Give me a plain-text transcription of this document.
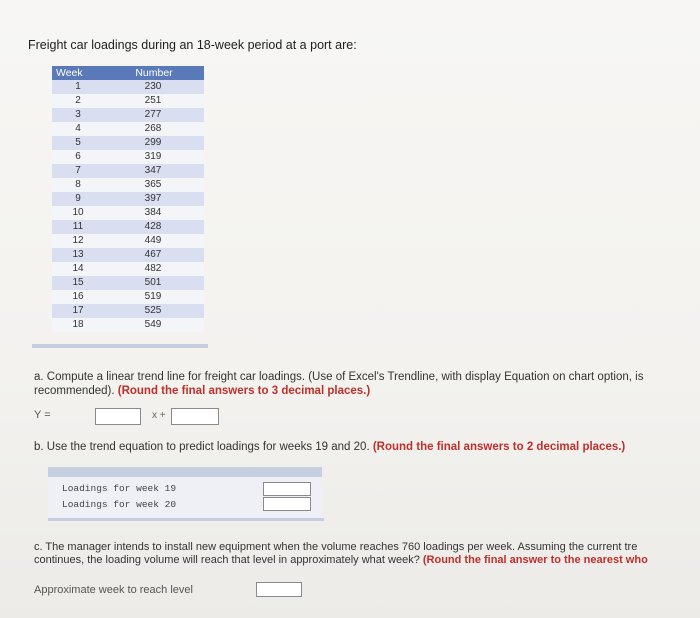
Freight car loadings during an 18-week period at a port are:
Week	Number
1	230
2	251
3	277
4	268
5	299
6	319
7	347
8	365
9	397
10	384
11	428
12	449
13	467
14	482
15	501
16	519
17	525
18	549
a. Compute a linear trend line for freight car loadings. (Use of Excel's Trendline, with display Equation on chart option, is recommended). (Round the final answers to 3 decimal places.)
Y =	x +
b. Use the trend equation to predict loadings for weeks 19 and 20. (Round the final answers to 2 decimal places.)
Loadings for week 19
Loadings for week 20
c. The manager intends to install new equipment when the volume reaches 760 loadings per week. Assuming the current tre
continues, the loading volume will reach that level in approximately what week? (Round the final answer to the nearest who
Approximate week to reach level
